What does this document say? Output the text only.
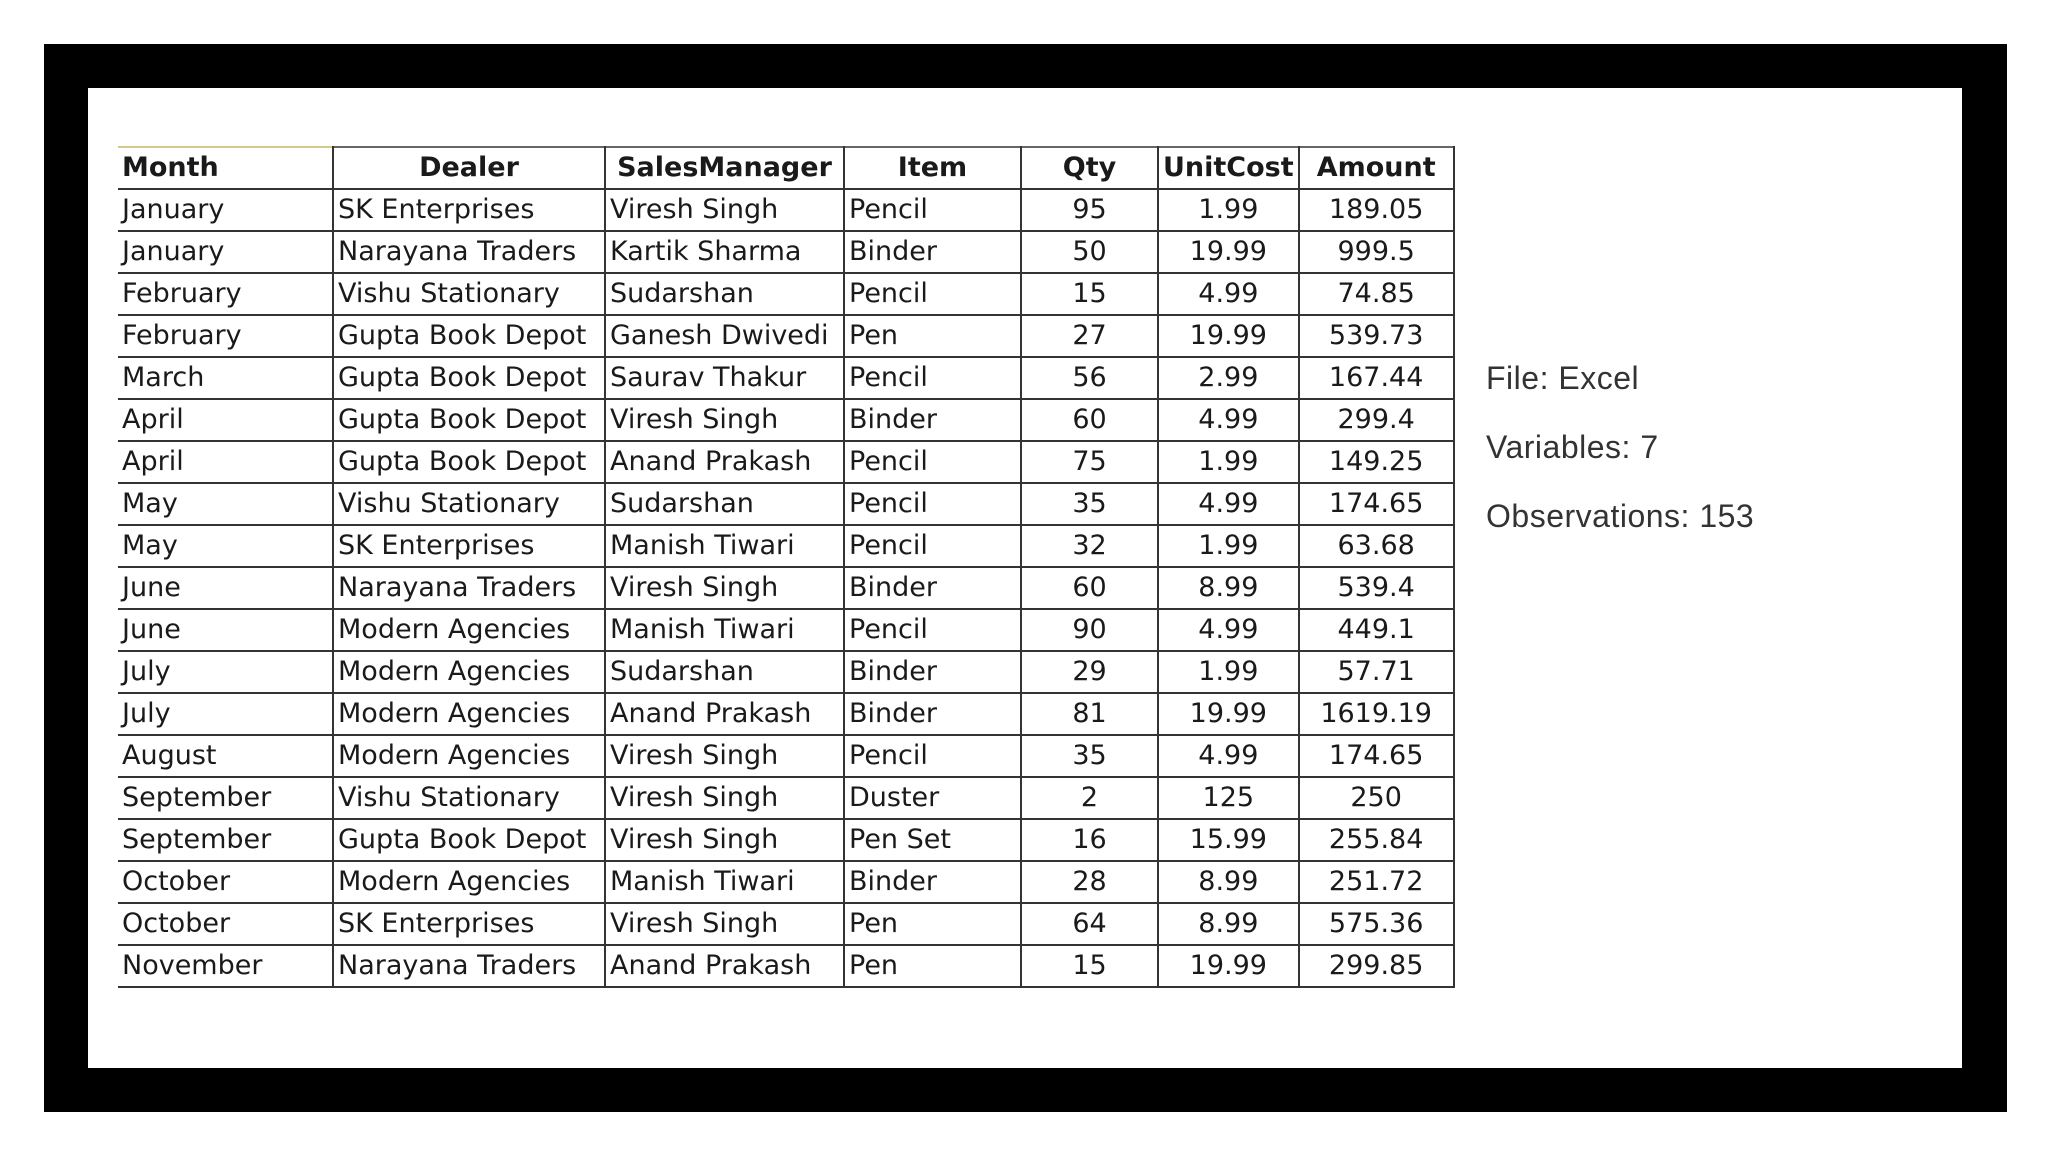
Month	Dealer	SalesManager	Item	Qty	UnitCost	Amount
January	SK Enterprises	Viresh Singh	Pencil	95	1.99	189.05
January	Narayana Traders	Kartik Sharma	Binder	50	19.99	999.5
February	Vishu Stationary	Sudarshan	Pencil	15	4.99	74.85
February	Gupta Book Depot	Ganesh Dwivedi	Pen	27	19.99	539.73
March	Gupta Book Depot	Saurav Thakur	Pencil	56	2.99	167.44
April	Gupta Book Depot	Viresh Singh	Binder	60	4.99	299.4
April	Gupta Book Depot	Anand Prakash	Pencil	75	1.99	149.25
May	Vishu Stationary	Sudarshan	Pencil	35	4.99	174.65
May	SK Enterprises	Manish Tiwari	Pencil	32	1.99	63.68
June	Narayana Traders	Viresh Singh	Binder	60	8.99	539.4
June	Modern Agencies	Manish Tiwari	Pencil	90	4.99	449.1
July	Modern Agencies	Sudarshan	Binder	29	1.99	57.71
July	Modern Agencies	Anand Prakash	Binder	81	19.99	1619.19
August	Modern Agencies	Viresh Singh	Pencil	35	4.99	174.65
September	Vishu Stationary	Viresh Singh	Duster	2	125	250
September	Gupta Book Depot	Viresh Singh	Pen Set	16	15.99	255.84
October	Modern Agencies	Manish Tiwari	Binder	28	8.99	251.72
October	SK Enterprises	Viresh Singh	Pen	64	8.99	575.36
November	Narayana Traders	Anand Prakash	Pen	15	19.99	299.85
File: Excel
Variables: 7
Observations: 153
